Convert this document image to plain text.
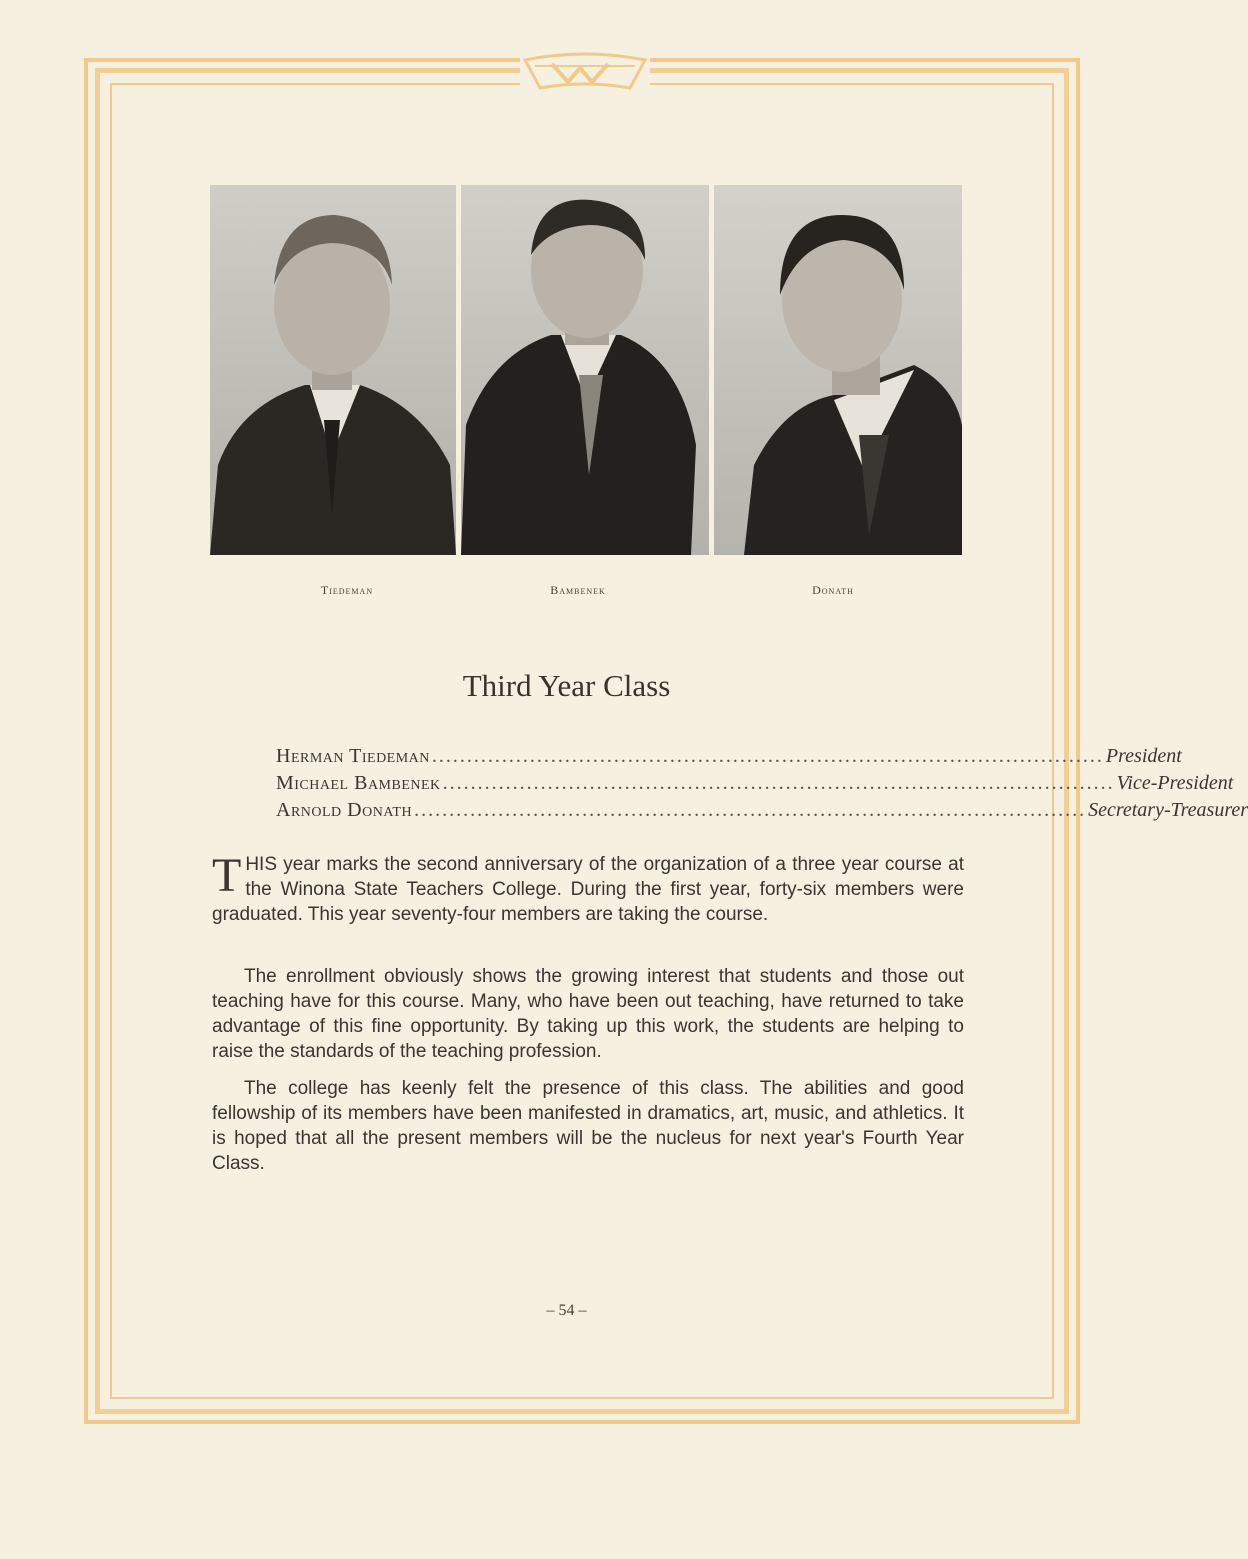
Tiedeman	Bambenek	Donath
Third Year Class
Herman Tiedeman ................................................................................................ President
Michael Bambenek ................................................................................................ Vice-President
Arnold Donath ................................................................................................ Secretary-Treasurer
THIS year marks the second anniversary of the organization of a three year course at the Winona State Teachers College. During the first year, forty-six members were graduated. This year seventy-four members are taking the course.
The enrollment obviously shows the growing interest that students and those out teaching have for this course. Many, who have been out teaching, have returned to take advantage of this fine opportunity. By taking up this work, the students are helping to raise the standards of the teaching profession.
The college has keenly felt the presence of this class. The abilities and good fellowship of its members have been manifested in dramatics, art, music, and athletics. It is hoped that all the present members will be the nucleus for next year's Fourth Year Class.
– 54 –
